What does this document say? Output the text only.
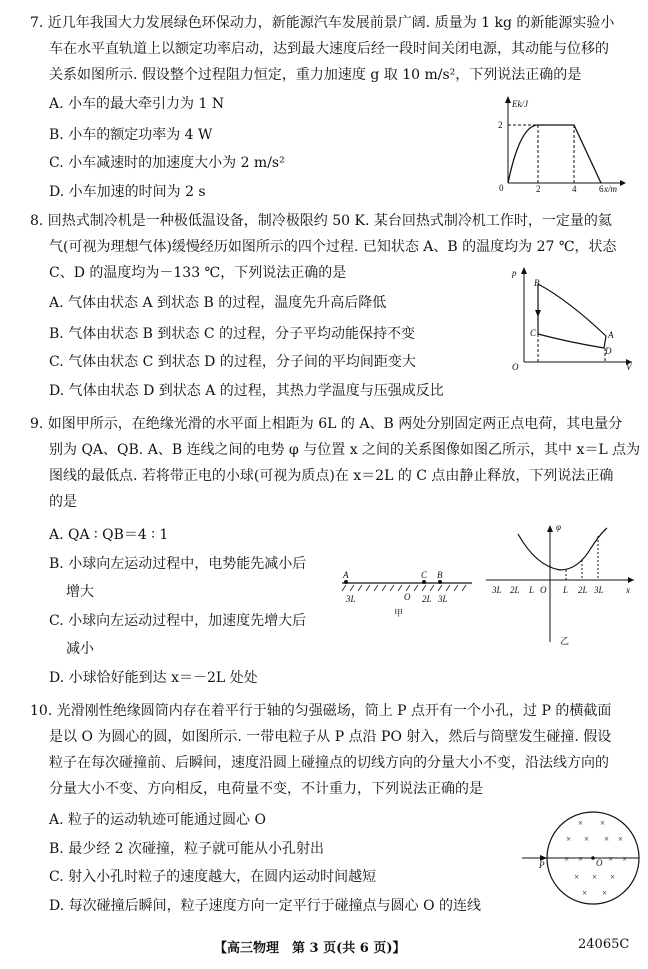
7. 近几年我国大力发展绿色环保动力，新能源汽车发展前景广阔. 质量为 1 kg 的新能源实验小
车在水平直轨道上以额定功率启动，达到最大速度后经一段时间关闭电源，其动能与位移的
关系如图所示. 假设整个过程阻力恒定，重力加速度 g 取 10 m/s²，下列说法正确的是
A. 小车的最大牵引力为 1 N
B. 小车的额定功率为 4 W
C. 小车减速时的加速度大小为 2 m/s²
D. 小车加速的时间为 2 s
Ek/J
2
0	2	4	6 x/m
8. 回热式制冷机是一种极低温设备，制冷极限约 50 K. 某台回热式制冷机工作时，一定量的氦
气(可视为理想气体)缓慢经历如图所示的四个过程. 已知状态 A、B 的温度均为 27 ℃，状态
C、D 的温度均为－133 ℃，下列说法正确的是
A. 气体由状态 A 到状态 B 的过程，温度先升高后降低
B. 气体由状态 B 到状态 C 的过程，分子平均动能保持不变
C. 气体由状态 C 到状态 D 的过程，分子间的平均间距变大
D. 气体由状态 D 到状态 A 的过程，其热力学温度与压强成反比
p
B
C	A
D
O	V
9. 如图甲所示，在绝缘光滑的水平面上相距为 6L 的 A、B 两处分别固定两正点电荷，其电量分
别为 QA、QB. A、B 连线之间的电势 φ 与位置 x 之间的关系图像如图乙所示，其中 x＝L 点为
图线的最低点. 若将带正电的小球(可视为质点)在 x＝2L 的 C 点由静止释放，下列说法正确
的是
A. QA ∶ QB＝4 ∶ 1
B. 小球向左运动过程中，电势能先减小后
增大
C. 小球向左运动过程中，加速度先增大后
减小
D. 小球恰好能到达 x＝－2L 处处
A	C B
O
3L	2L 3L
甲
φ
3L 2L L O L 2L 3L x
乙
10. 光滑刚性绝缘圆筒内存在着平行于轴的匀强磁场，筒上 P 点开有一个小孔，过 P 的横截面
是以 O 为圆心的圆，如图所示. 一带电粒子从 P 点沿 PO 射入，然后与筒壁发生碰撞. 假设
粒子在每次碰撞前、后瞬间，速度沿圆上碰撞点的切线方向的分量大小不变，沿法线方向的
分量大小不变、方向相反，电荷量不变，不计重力，下列说法正确的是
A. 粒子的运动轨迹可能通过圆心 O
B. 最少经 2 次碰撞，粒子就可能从小孔射出
C. 射入小孔时粒子的速度越大，在圆内运动时间越短
D. 每次碰撞后瞬间，粒子速度方向一定平行于碰撞点与圆心 O 的连线
P	O
× ×
× × × ×
× ×	× ×
× × ×
× ×
【高三物理　第 3 页(共 6 页)】	24065C
